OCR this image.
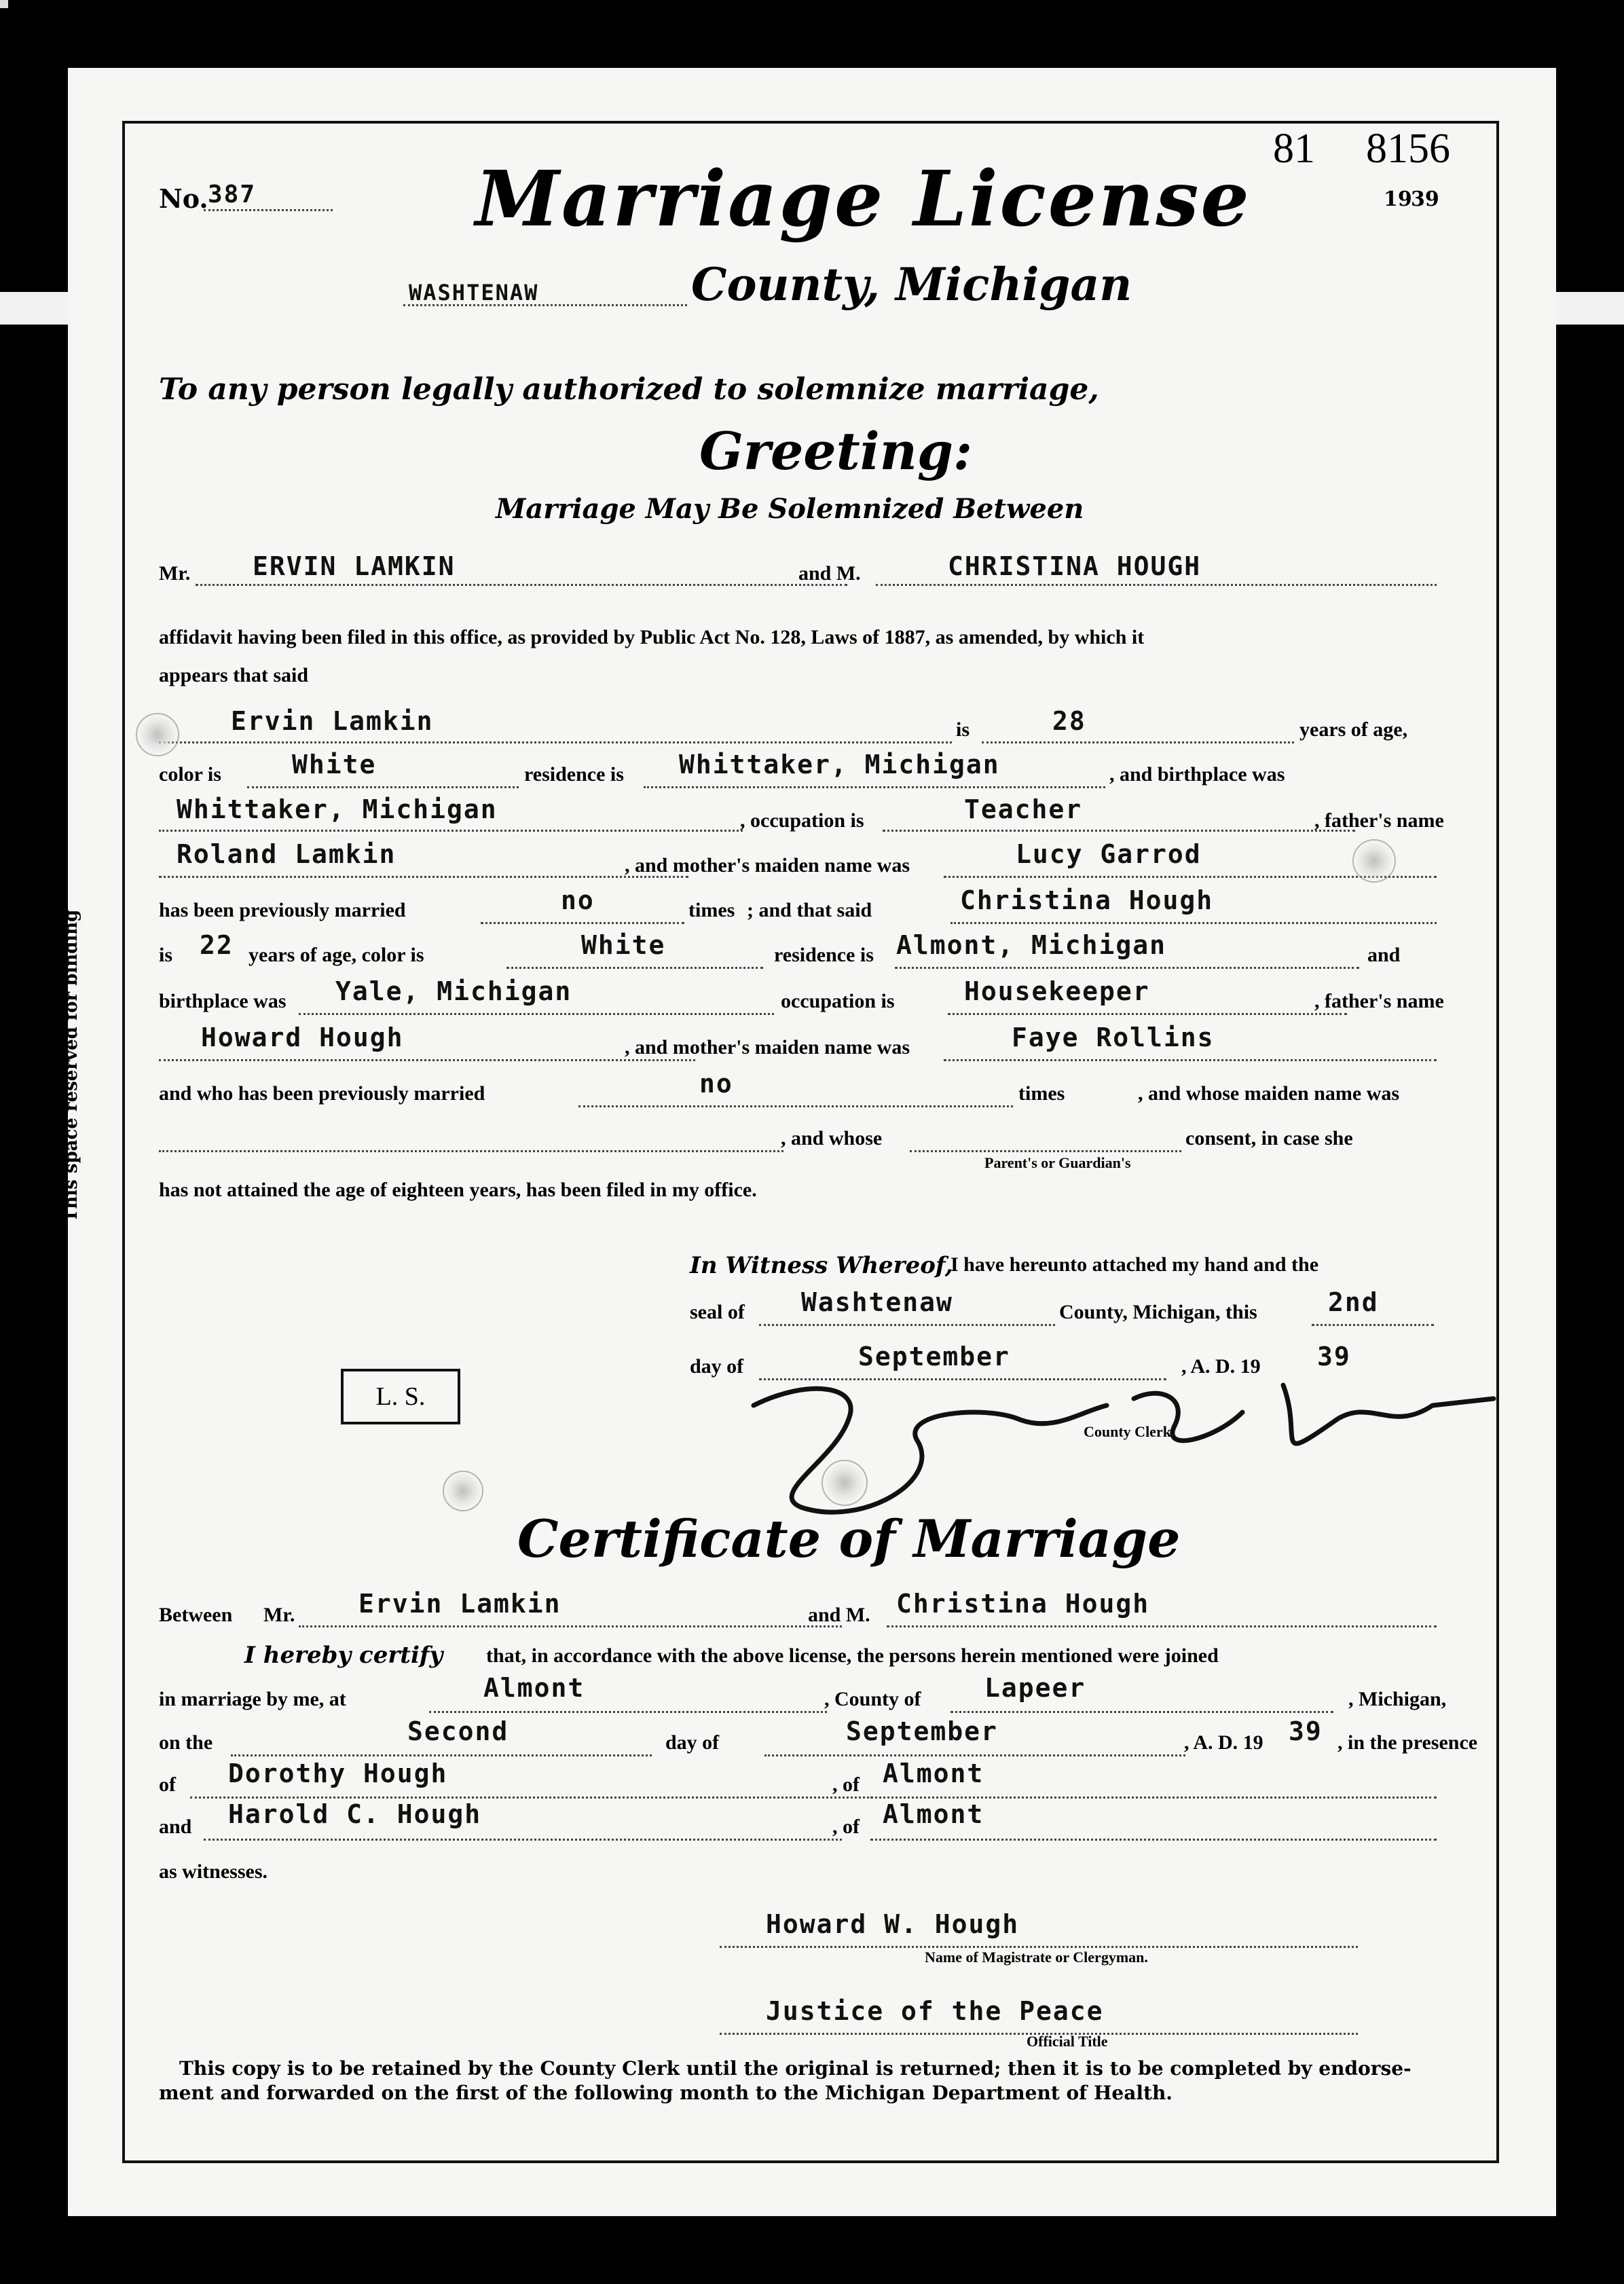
This space reserved for binding
No. 387	Marriage License
81 8156
19
39
WASHTENAW	County, Michigan
To any person legally authorized to solemnize marriage,
Greeting:
Marriage May Be Solemnized Between
Mr. ERVIN LAMKIN	and M.	CHRISTINA HOUGH
affidavit having been filed in this office, as provided by Public Act No. 128, Laws of 1887, as amended, by which it
appears that said
Ervin Lamkin	is	28	years of age,
color is	White	residence is Whittaker, Michigan	, and birthplace was
Whittaker, Michigan	, occupation is	Teacher	, father's name
Roland Lamkin	, and mother's maiden name was	Lucy Garrod
has been previously married	no	times ; and that said	Christina Hough
is 22 years of age, color is	White	residence is Almont, Michigan	and
birthplace was Yale, Michigan	occupation is	Housekeeper	, father's name
Howard Hough	, and mother's maiden name was	Faye Rollins
and who has been previously married	no	times	, and whose maiden name was
, and whose	consent, in case she
Parent's or Guardian's
has not attained the age of eighteen years, has been filed in my office.
In Witness Whereof,
I have hereunto attached my hand and the
seal of Washtenaw	County, Michigan, this	2nd
day of	September	, A. D. 19 39
County Clerk
L. S.
Certificate of Marriage
Between Mr. Ervin Lamkin	and M. Christina Hough
I hereby certify that, in accordance with the above license, the persons herein mentioned were joined
in marriage by me, at	Almont	, County of Lapeer	, Michigan,
on the	Second	day of	September	, A. D. 19 39 , in the presence
of Dorothy Hough	, of Almont
and Harold C. Hough	, of Almont
as witnesses.
Howard W. Hough
Name of Magistrate or Clergyman.
Justice of the Peace
Official Title
This copy is to be retained by the County Clerk until the original is returned; then it is to be completed by endorse-
ment and forwarded on the first of the following month to the Michigan Department of Health.
